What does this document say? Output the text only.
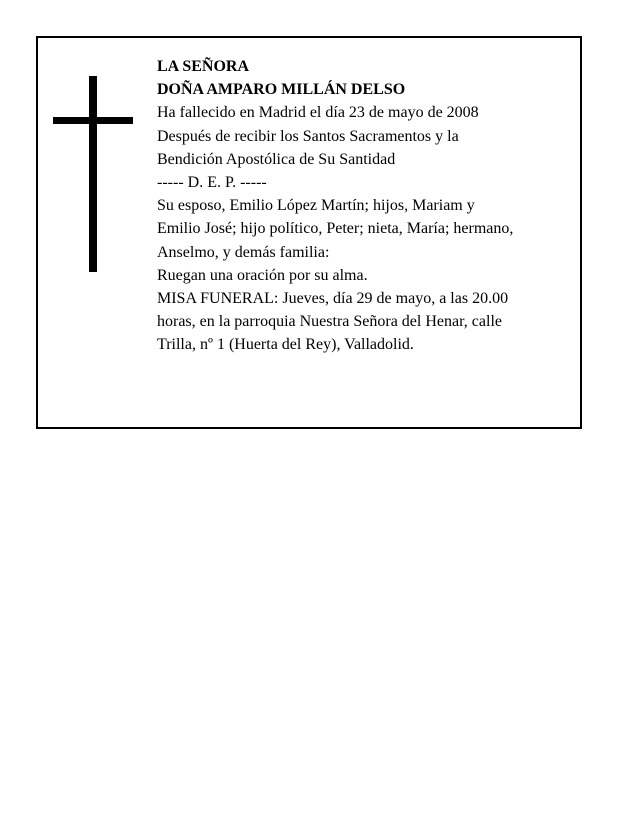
LA SEÑORA
DOÑA AMPARO MILLÁN DELSO
Ha fallecido en Madrid el día 23 de mayo de 2008
Después de recibir los Santos Sacramentos y la
Bendición Apostólica de Su Santidad
----- D. E. P. -----
Su esposo, Emilio López Martín; hijos, Mariam y
Emilio José; hijo político, Peter; nieta, María; hermano,
Anselmo, y demás familia:
Ruegan una oración por su alma.
MISA FUNERAL: Jueves, día 29 de mayo, a las 20.00
horas, en la parroquia Nuestra Señora del Henar, calle
Trilla, nº 1 (Huerta del Rey), Valladolid.
